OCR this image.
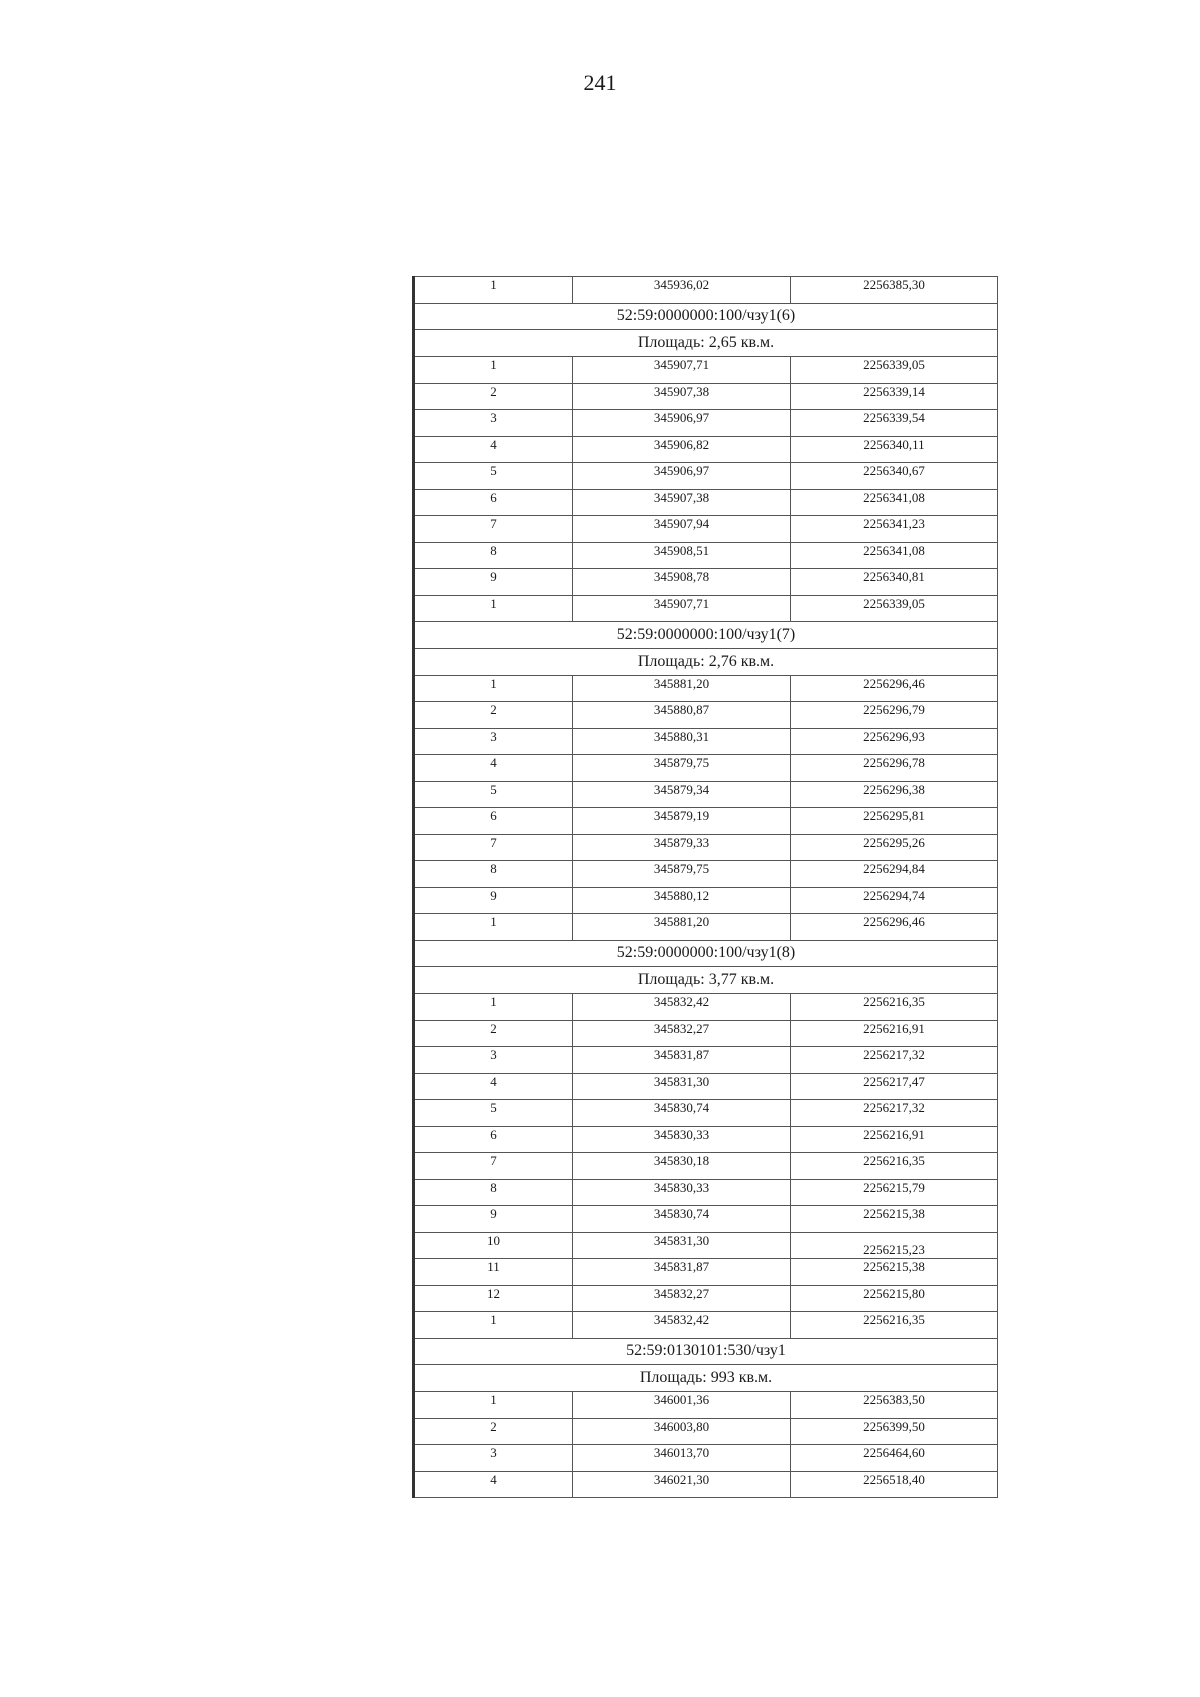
241
1	345936,02	2256385,30
52:59:0000000:100/чзу1(6)		
Площадь: 2,65 кв.м.		
1	345907,71	2256339,05
2	345907,38	2256339,14
3	345906,97	2256339,54
4	345906,82	2256340,11
5	345906,97	2256340,67
6	345907,38	2256341,08
7	345907,94	2256341,23
8	345908,51	2256341,08
9	345908,78	2256340,81
1	345907,71	2256339,05
52:59:0000000:100/чзу1(7)		
Площадь: 2,76 кв.м.		
1	345881,20	2256296,46
2	345880,87	2256296,79
3	345880,31	2256296,93
4	345879,75	2256296,78
5	345879,34	2256296,38
6	345879,19	2256295,81
7	345879,33	2256295,26
8	345879,75	2256294,84
9	345880,12	2256294,74
1	345881,20	2256296,46
52:59:0000000:100/чзу1(8)		
Площадь: 3,77 кв.м.		
1	345832,42	2256216,35
2	345832,27	2256216,91
3	345831,87	2256217,32
4	345831,30	2256217,47
5	345830,74	2256217,32
6	345830,33	2256216,91
7	345830,18	2256216,35
8	345830,33	2256215,79
9	345830,74	2256215,38
10	345831,30	2256215,23

11	345831,87	2256215,38
12	345832,27	2256215,80
1	345832,42	2256216,35
52:59:0130101:530/чзу1		
Площадь: 993 кв.м.		
1	346001,36	2256383,50
2	346003,80	2256399,50
3	346013,70	2256464,60
4	346021,30	2256518,40
